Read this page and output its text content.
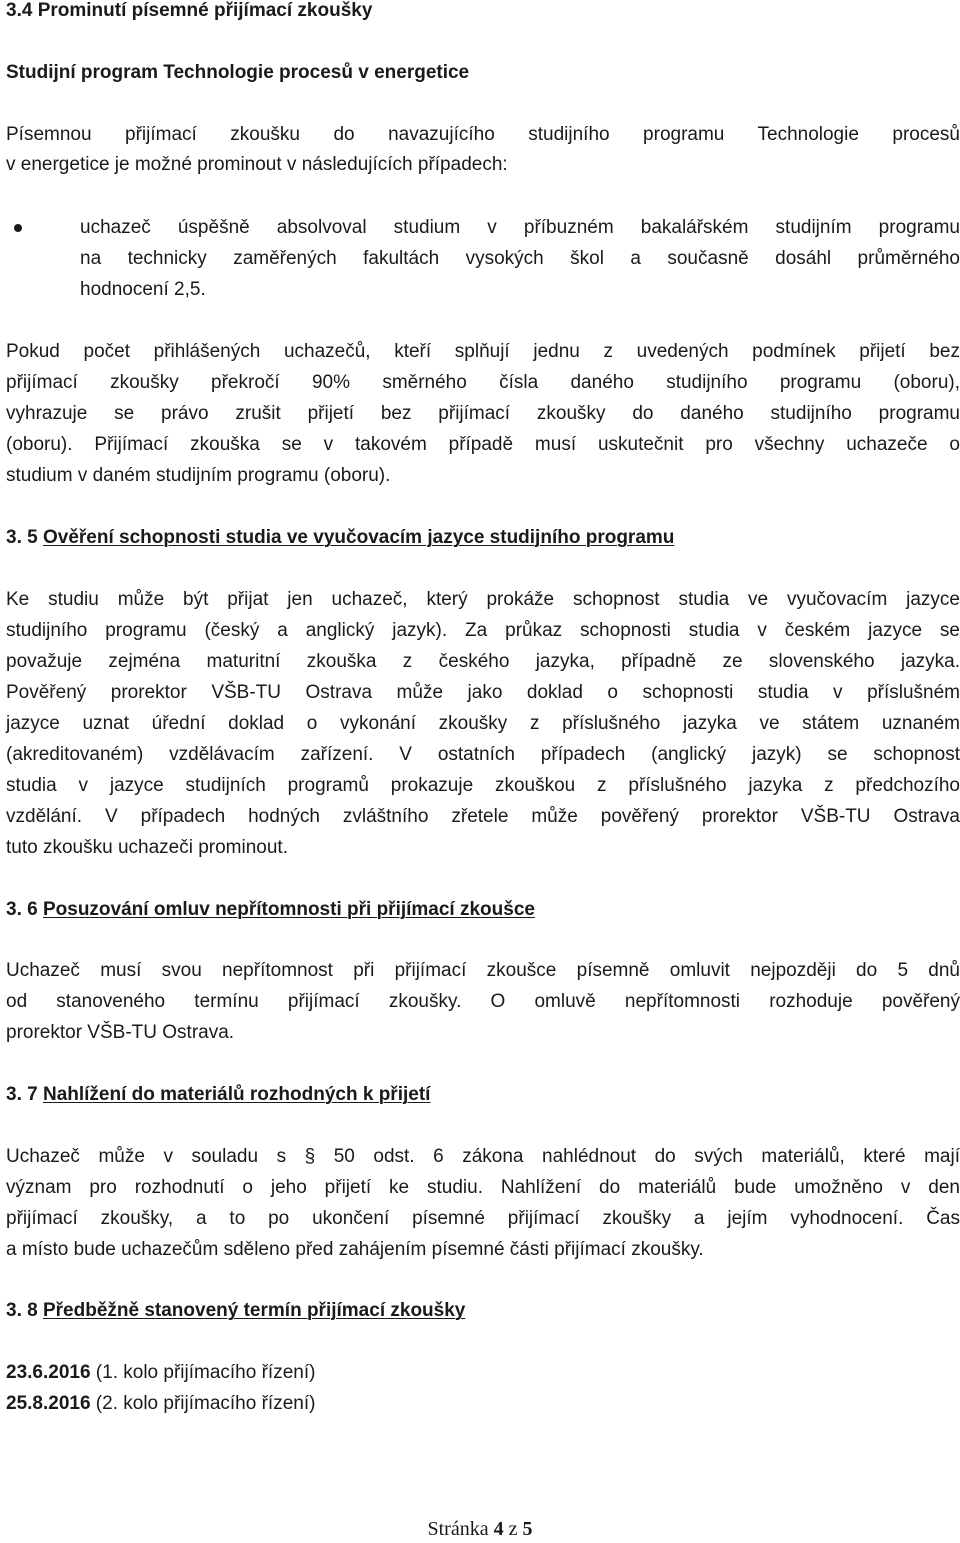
3.4 Prominutí písemné přijímací zkoušky

Studijní program Technologie procesů v energetice

Písemnou přijímací zkoušku do navazujícího studijního programu Technologie procesů

v energetice je možné prominout v následujících případech:

uchazeč úspěšně absolvoval studium v příbuzném bakalářském studijním programu

na technicky zaměřených fakultách vysokých škol a současně dosáhl průměrného

hodnocení 2,5.

Pokud počet přihlášených uchazečů, kteří splňují jednu z uvedených podmínek přijetí bez

přijímací zkoušky překročí 90% směrného čísla daného studijního programu (oboru),

vyhrazuje se právo zrušit přijetí bez přijímací zkoušky do daného studijního programu

(oboru). Přijímací zkouška se v takovém případě musí uskutečnit pro všechny uchazeče o

studium v daném studijním programu (oboru).

3. 5 Ověření schopnosti studia ve vyučovacím jazyce studijního programu

Ke studiu může být přijat jen uchazeč, který prokáže schopnost studia ve vyučovacím jazyce

studijního programu (český a anglický jazyk). Za průkaz schopnosti studia v českém jazyce se

považuje zejména maturitní zkouška z českého jazyka, případně ze slovenského jazyka.

Pověřený prorektor VŠB-TU Ostrava může jako doklad o schopnosti studia v příslušném

jazyce uznat úřední doklad o vykonání zkoušky z příslušného jazyka ve státem uznaném

(akreditovaném) vzdělávacím zařízení. V ostatních případech (anglický jazyk) se schopnost

studia v jazyce studijních programů prokazuje zkouškou z příslušného jazyka z předchozího

vzdělání. V případech hodných zvláštního zřetele může pověřený prorektor VŠB-TU Ostrava

tuto zkoušku uchazeči prominout.

3. 6 Posuzování omluv nepřítomnosti při přijímací zkoušce

Uchazeč musí svou nepřítomnost při přijímací zkoušce písemně omluvit nejpozději do 5 dnů

od stanoveného termínu přijímací zkoušky. O omluvě nepřítomnosti rozhoduje pověřený

prorektor VŠB-TU Ostrava.

3. 7 Nahlížení do materiálů rozhodných k přijetí

Uchazeč může v souladu s § 50 odst. 6 zákona nahlédnout do svých materiálů, které mají

význam pro rozhodnutí o jeho přijetí ke studiu. Nahlížení do materiálů bude umožněno v den

přijímací zkoušky, a to po ukončení písemné přijímací zkoušky a jejím vyhodnocení. Čas

a místo bude uchazečům sděleno před zahájením písemné části přijímací zkoušky.

3. 8 Předběžně stanovený termín přijímací zkoušky

23.6.2016 (1. kolo přijímacího řízení)

25.8.2016 (2. kolo přijímacího řízení)

Stránka 4 z 5
